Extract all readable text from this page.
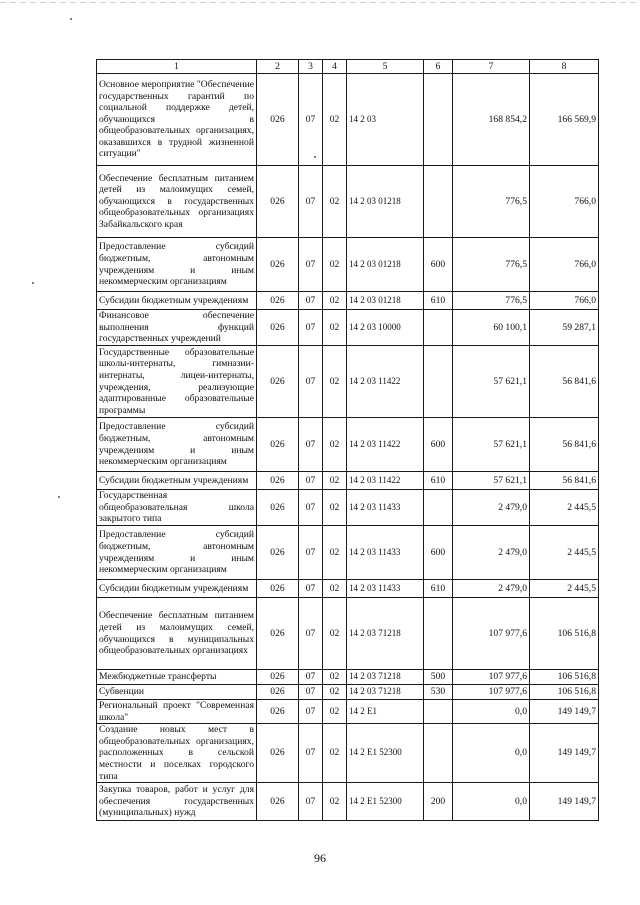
1	2	3	4	5	6	7	8
Основное мероприятие "Обеспечение государственных гарантий по социальной поддержке детей, обучающихся в общеобразовательных организациях, оказавшихся в трудной жизненной ситуации"	026	07	02	14 2 03		168 854,2	166 569,9
Обеспечение бесплатным питанием детей из малоимущих семей, обучающихся в государственных общеобразовательных организациях Забайкальского края	026	07	02	14 2 03 01218		776,5	766,0
Предоставление субсидий бюджетным, автономным учреждениям и иным некоммерческим организациям	026	07	02	14 2 03 01218	600	776,5	766,0
Субсидии бюджетным учреждениям	026	07	02	14 2 03 01218	610	776,5	766,0
Финансовое обеспечение выполнения функций государственных учреждений	026	07	02	14 2 03 10000		60 100,1	59 287,1
Государственные образовательные школы-интернаты, гимназии-интернаты, лицеи-интернаты, учреждения, реализующие адаптированные образовательные программы	026	07	02	14 2 03 11422		57 621,1	56 841,6
Предоставление субсидий бюджетным, автономным учреждениям и иным некоммерческим организациям	026	07	02	14 2 03 11422	600	57 621,1	56 841,6
Субсидии бюджетным учреждениям	026	07	02	14 2 03 11422	610	57 621,1	56 841,6
Государственная общеобразовательная школа закрытого типа	026	07	02	14 2 03 11433		2 479,0	2 445,5
Предоставление субсидий бюджетным, автономным учреждениям и иным некоммерческим организациям	026	07	02	14 2 03 11433	600	2 479,0	2 445,5
Субсидии бюджетным учреждениям	026	07	02	14 2 03 11433	610	2 479,0	2 445,5
Обеспечение бесплатным питанием детей из малоимущих семей, обучающихся в муниципальных общеобразовательных организациях	026	07	02	14 2 03 71218		107 977,6	106 516,8
Межбюджетные трансферты	026	07	02	14 2 03 71218	500	107 977,6	106 516,8
Субвенции	026	07	02	14 2 03 71218	530	107 977,6	106 516,8
Региональный проект "Современная школа"	026	07	02	14 2 E1		0,0	149 149,7
Создание новых мест в общеобразовательных организациях, расположенных в сельской местности и поселках городского типа	026	07	02	14 2 E1 52300		0,0	149 149,7
Закупка товаров, работ и услуг для обеспечения государственных (муниципальных) нужд	026	07	02	14 2 E1 52300	200	0,0	149 149,7
96
